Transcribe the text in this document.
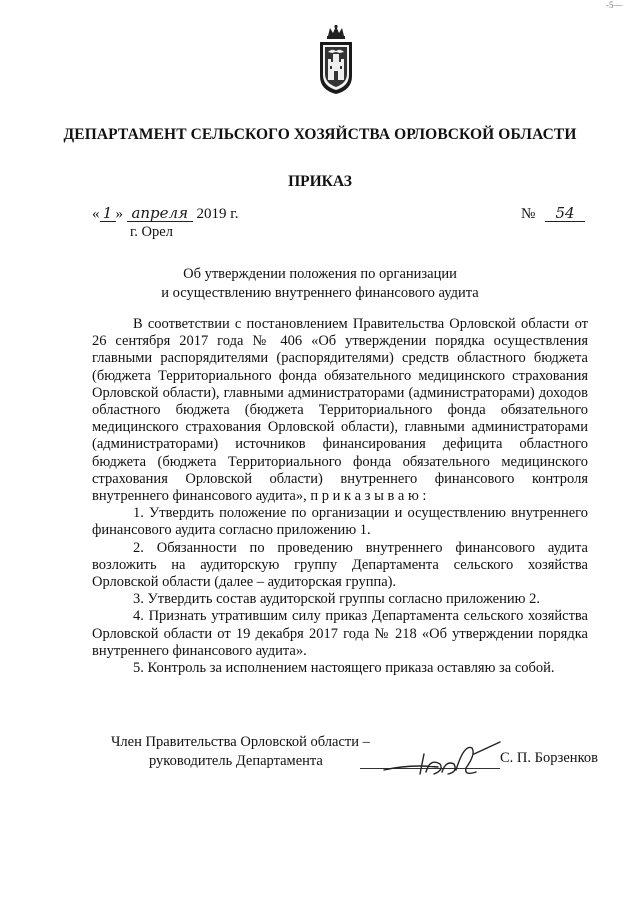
-5—
ДЕПАРТАМЕНТ СЕЛЬСКОГО ХОЗЯЙСТВА ОРЛОВСКОЙ ОБЛАСТИ
ПРИКАЗ
« 1 » апреля 2019 г.
г. Орел
№ 54
Об утверждении положения по организации
и осуществлению внутреннего финансового аудита

В соответствии с постановлением Правительства Орловской области от 26 сентября 2017 года № 406 «Об утверждении порядка осуществления главными распорядителями (распорядителями) средств областного бюджета (бюджета Территориального фонда обязательного медицинского страхования Орловской области), главными администраторами (администраторами) доходов областного бюджета (бюджета Территориального фонда обязательного медицинского страхования Орловской области), главными администраторами (администраторами) источников финансирования дефицита областного бюджета (бюджета Территориального фонда обязательного медицинского страхования Орловской области) внутреннего финансового контроля внутреннего финансового аудита», п р и к а з ы в а ю :

1. Утвердить положение по организации и осуществлению внутреннего финансового аудита согласно приложению 1.

2. Обязанности по проведению внутреннего финансового аудита возложить на аудиторскую группу Департамента сельского хозяйства Орловской области (далее – аудиторская группа).

3. Утвердить состав аудиторской группы согласно приложению 2.

4. Признать утратившим силу приказ Департамента сельского хозяйства Орловской области от 19 декабря 2017 года № 218 «Об утверждении порядка внутреннего финансового аудита».

5. Контроль за исполнением настоящего приказа оставляю за собой.

Член Правительства Орловской области –
руководитель Департамента	С. П. Борзенков
